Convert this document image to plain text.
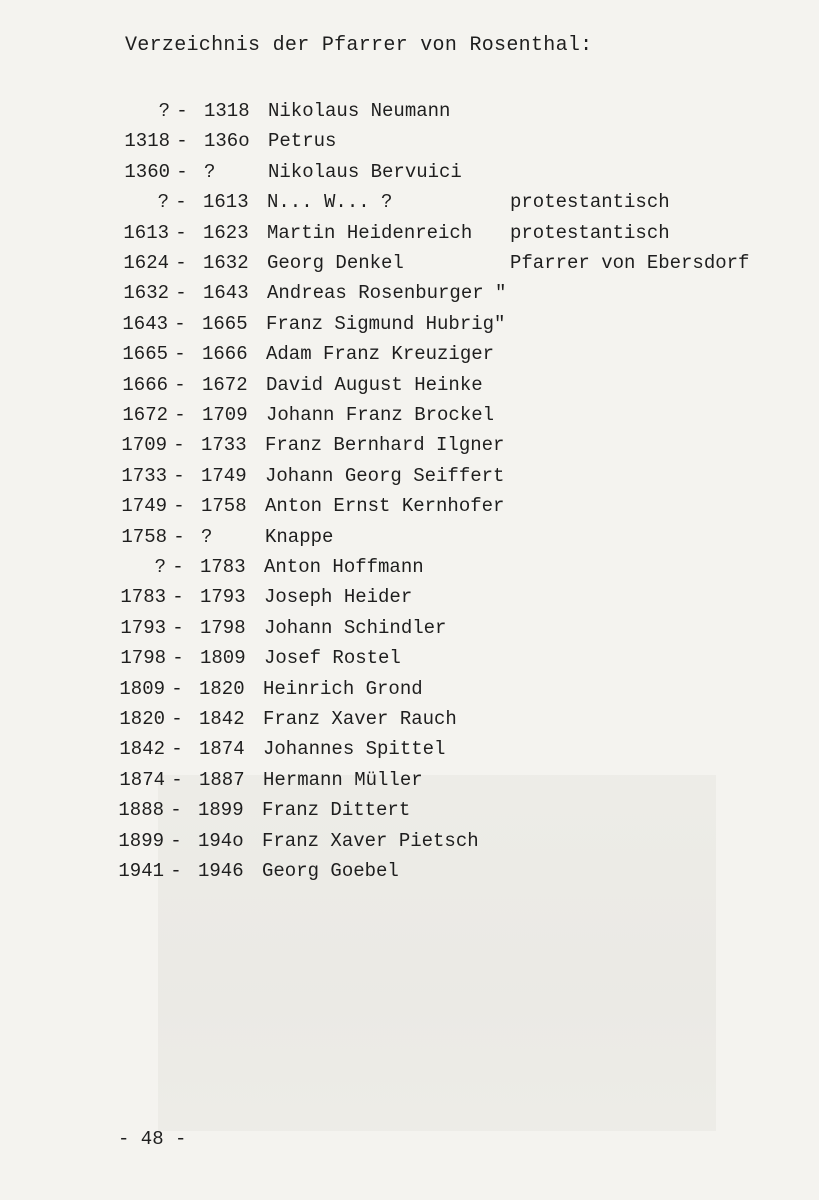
Verzeichnis der Pfarrer von Rosenthal:
? - 1318 Nikolaus Neumann
1318 - 136o Petrus
1360 - ?	Nikolaus Bervuici
? - 1613 N... W... ?	protestantisch
1613 - 1623 Martin Heidenreich protestantisch
1624 - 1632 Georg Denkel	Pfarrer von Ebersdorf
1632 - 1643 Andreas Rosenburger "
1643 - 1665 Franz Sigmund Hubrig"
1665 - 1666 Adam Franz Kreuziger
1666 - 1672 David August Heinke
1672 - 1709 Johann Franz Brockel
1709 - 1733 Franz Bernhard Ilgner
1733 - 1749 Johann Georg Seiffert
1749 - 1758 Anton Ernst Kernhofer
1758 - ?	Knappe
? - 1783 Anton Hoffmann
1783 - 1793 Joseph Heider
1793 - 1798 Johann Schindler
1798 - 1809 Josef Rostel
1809 - 1820 Heinrich Grond
1820 - 1842 Franz Xaver Rauch
1842 - 1874 Johannes Spittel
1874 - 1887 Hermann Müller
1888 - 1899 Franz Dittert
1899 - 194o Franz Xaver Pietsch
1941 - 1946 Georg Goebel
- 48 -
